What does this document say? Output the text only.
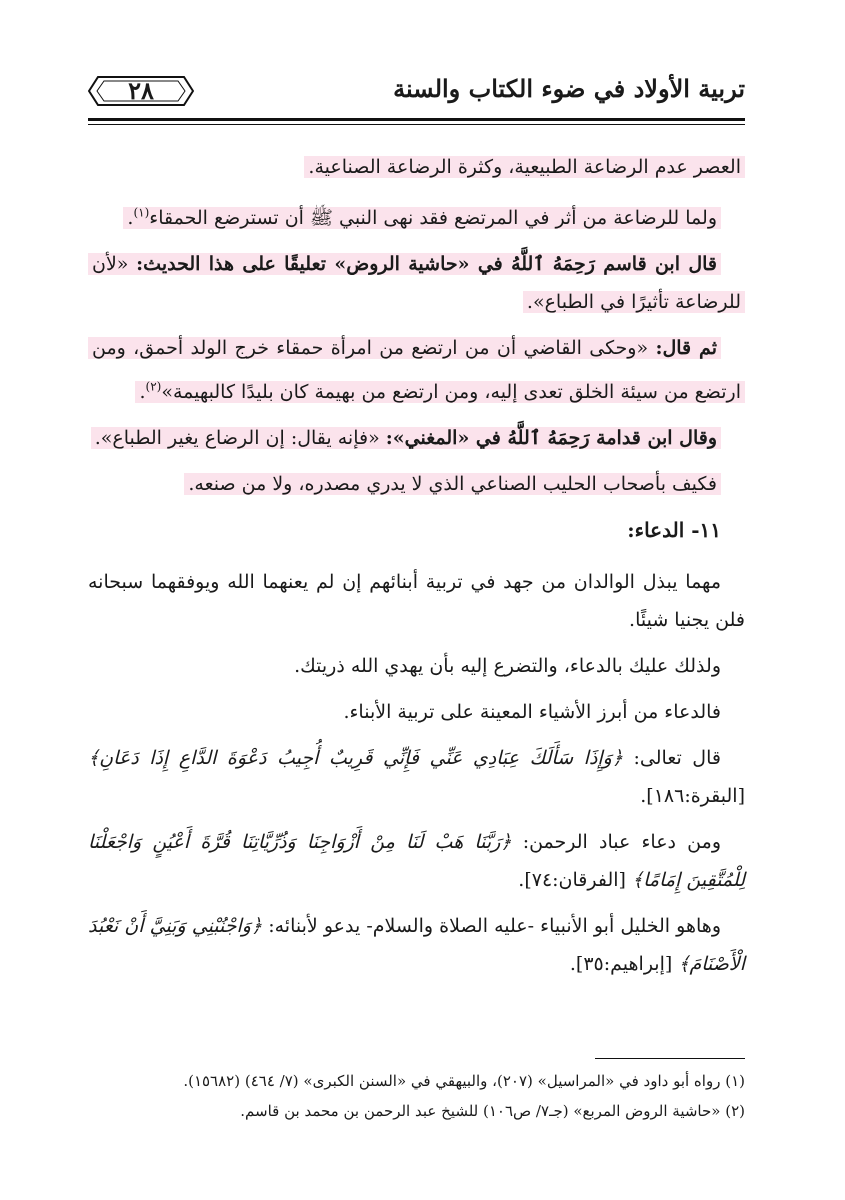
تربية الأولاد في ضوء الكتاب والسنة
٢٨

العصر عدم الرضاعة الطبيعية، وكثرة الرضاعة الصناعية.

ولما للرضاعة من أثر في المرتضع فقد نهى النبي ﷺ أن تسترضع الحمقاء$^{(١)}$.

قال ابن قاسم رَحِمَهُ ٱللَّهُ في «حاشية الروض» تعليقًا على هذا الحديث: «لأن للرضاعة تأثيرًا في الطباع».

ثم قال: «وحكى القاضي أن من ارتضع من امرأة حمقاء خرج الولد أحمق، ومن ارتضع من سيئة الخلق تعدى إليه، ومن ارتضع من بهيمة كان بليدًا كالبهيمة»$^{(٢)}$.

وقال ابن قدامة رَحِمَهُ ٱللَّهُ في «المغني»: «فإنه يقال: إن الرضاع يغير الطباع».

فكيف بأصحاب الحليب الصناعي الذي لا يدري مصدره، ولا من صنعه.

١١- الدعاء:

مهما يبذل الوالدان من جهد في تربية أبنائهم إن لم يعنهما الله ويوفقهما سبحانه فلن يجنيا شيئًا.

ولذلك عليك بالدعاء، والتضرع إليه بأن يهدي الله ذريتك.

فالدعاء من أبرز الأشياء المعينة على تربية الأبناء.

قال تعالى: ﴿وَإِذَا سَأَلَكَ عِبَادِي عَنِّي فَإِنِّي قَرِيبٌ أُجِيبُ دَعْوَةَ الدَّاعِ إِذَا دَعَانِ﴾ [البقرة:١٨٦].

ومن دعاء عباد الرحمن: ﴿رَبَّنَا هَبْ لَنَا مِنْ أَزْوَاجِنَا وَذُرِّيَّاتِنَا قُرَّةَ أَعْيُنٍ وَاجْعَلْنَا لِلْمُتَّقِينَ إِمَامًا﴾ [الفرقان:٧٤].

وهاهو الخليل أبو الأنبياء -عليه الصلاة والسلام- يدعو لأبنائه: ﴿وَاجْنُبْنِي وَبَنِيَّ أَنْ نَعْبُدَ الْأَصْنَامَ﴾ [إبراهيم:٣٥].

(١) رواه أبو داود في «المراسيل» (٢٠٧)، والبيهقي في «السنن الكبرى» (٧/ ٤٦٤) (١٥٦٨٢).

(٢) «حاشية الروض المربع» (جـ٧/ ص١٠٦) للشيخ عبد الرحمن بن محمد بن قاسم.
